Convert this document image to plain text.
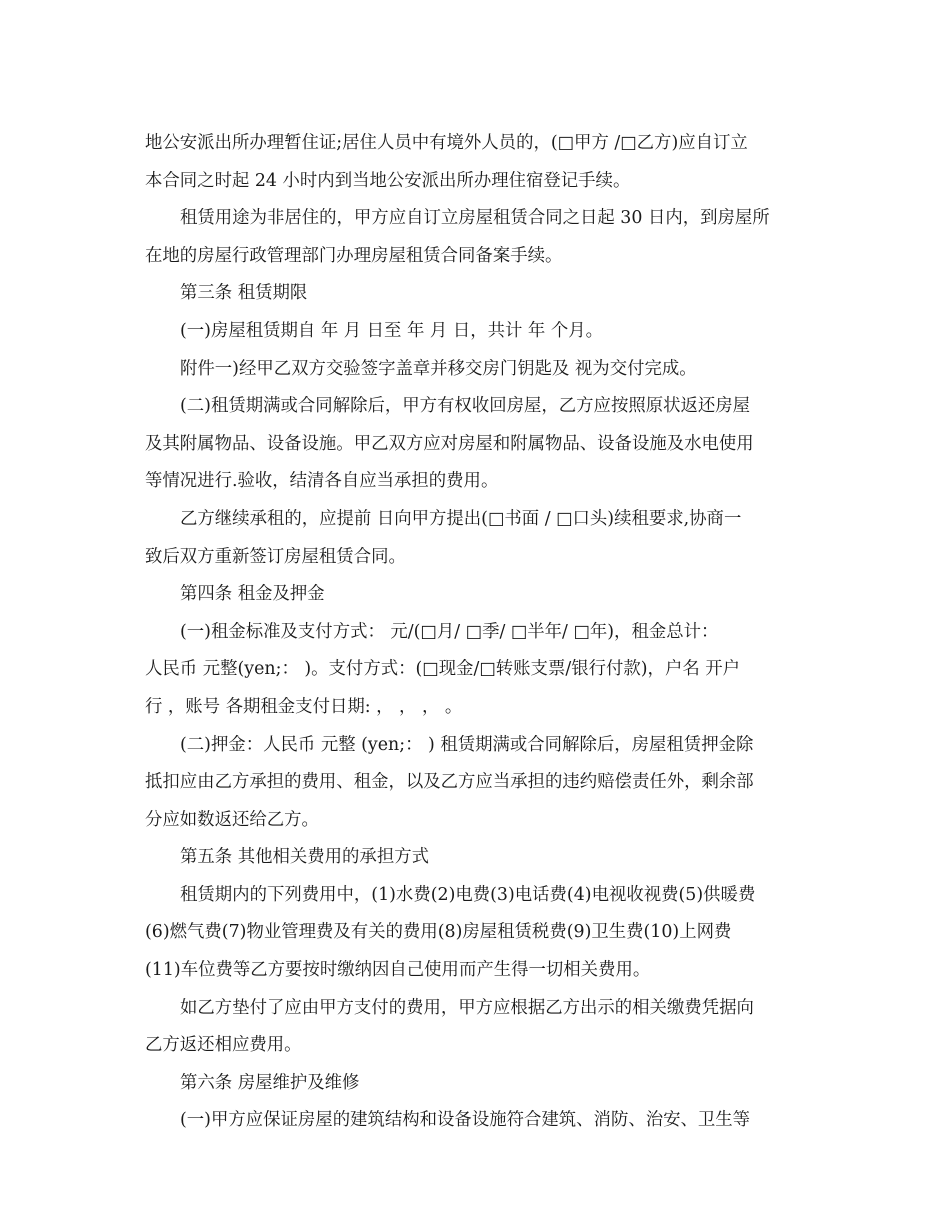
地公安派出所办理暂住证;居住人员中有境外人员的，(□甲方 /□乙方)应自订立
本合同之时起 24 小时内到当地公安派出所办理住宿登记手续。
租赁用途为非居住的，甲方应自订立房屋租赁合同之日起 30 日内，到房屋所
在地的房屋行政管理部门办理房屋租赁合同备案手续。
第三条 租赁期限
(一)房屋租赁期自 年 月 日至 年 月 日，共计 年 个月。
附件一)经甲乙双方交验签字盖章并移交房门钥匙及 视为交付完成。
(二)租赁期满或合同解除后，甲方有权收回房屋，乙方应按照原状返还房屋
及其附属物品、设备设施。甲乙双方应对房屋和附属物品、设备设施及水电使用
等情况进行.验收，结清各自应当承担的费用。
乙方继续承租的，应提前 日向甲方提出(□书面 / □口头)续租要求,协商一
致后双方重新签订房屋租赁合同。
第四条 租金及押金
(一)租金标准及支付方式： 元/(□月/ □季/ □半年/ □年)，租金总计：
人民币 元整(yen;： )。支付方式：(□现金/□转账支票/银行付款)，户名 开户
行 ，账号 各期租金支付日期: ， ， ， 。
(二)押金：人民币 元整 (yen;： ) 租赁期满或合同解除后，房屋租赁押金除
抵扣应由乙方承担的费用、租金，以及乙方应当承担的违约赔偿责任外，剩余部
分应如数返还给乙方。
第五条 其他相关费用的承担方式
租赁期内的下列费用中，(1)水费(2)电费(3)电话费(4)电视收视费(5)供暖费
(6)燃气费(7)物业管理费及有关的费用(8)房屋租赁税费(9)卫生费(10)上网费
(11)车位费等乙方要按时缴纳因自己使用而产生得一切相关费用。
如乙方垫付了应由甲方支付的费用，甲方应根据乙方出示的相关缴费凭据向
乙方返还相应费用。
第六条 房屋维护及维修
(一)甲方应保证房屋的建筑结构和设备设施符合建筑、消防、治安、卫生等
